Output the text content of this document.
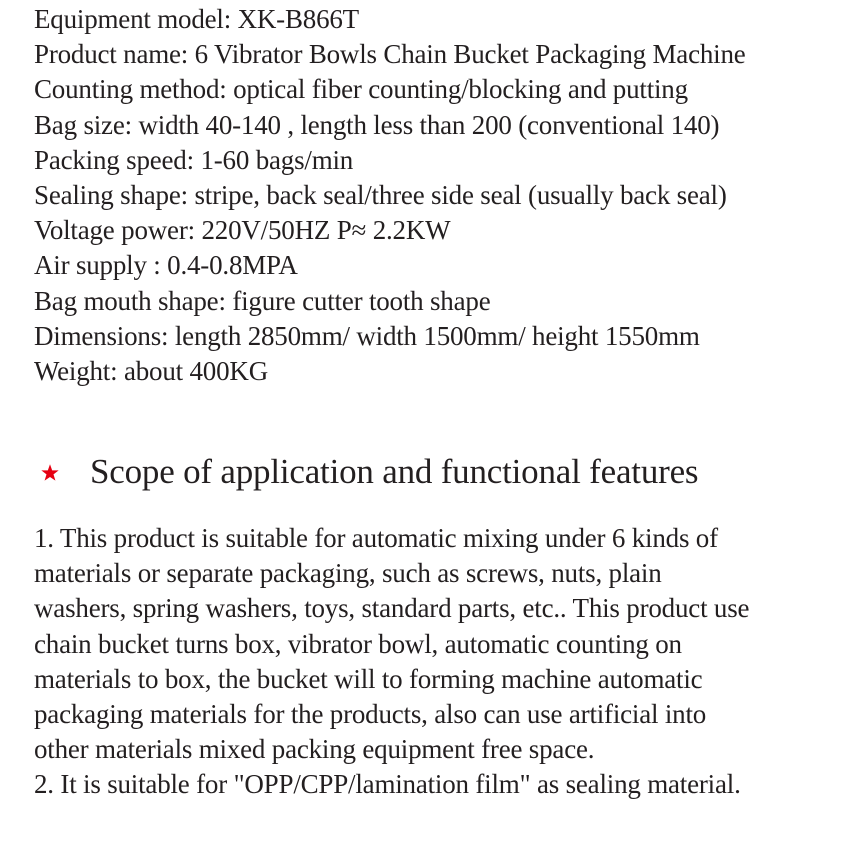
Equipment model: XK-B866T
Product name: 6 Vibrator Bowls Chain Bucket Packaging Machine
Counting method: optical fiber counting/blocking and putting
Bag size: width 40-140 , length less than 200 (conventional 140)
Packing speed: 1-60 bags/min
Sealing shape: stripe, back seal/three side seal (usually back seal)
Voltage power: 220V/50HZ P≈ 2.2KW
Air supply : 0.4-0.8MPA
Bag mouth shape: figure cutter tooth shape
Dimensions: length 2850mm/ width 1500mm/ height 1550mm
Weight: about 400KG
Scope of application and functional features
1. This product is suitable for automatic mixing under 6 kinds of
materials or separate packaging, such as screws, nuts, plain
washers, spring washers, toys, standard parts, etc.. This product use
chain bucket turns box, vibrator bowl, automatic counting on
materials to box, the bucket will to forming machine automatic
packaging materials for the products, also can use artificial into
other materials mixed packing equipment free space.
2. It is suitable for "OPP/CPP/lamination film" as sealing material.
